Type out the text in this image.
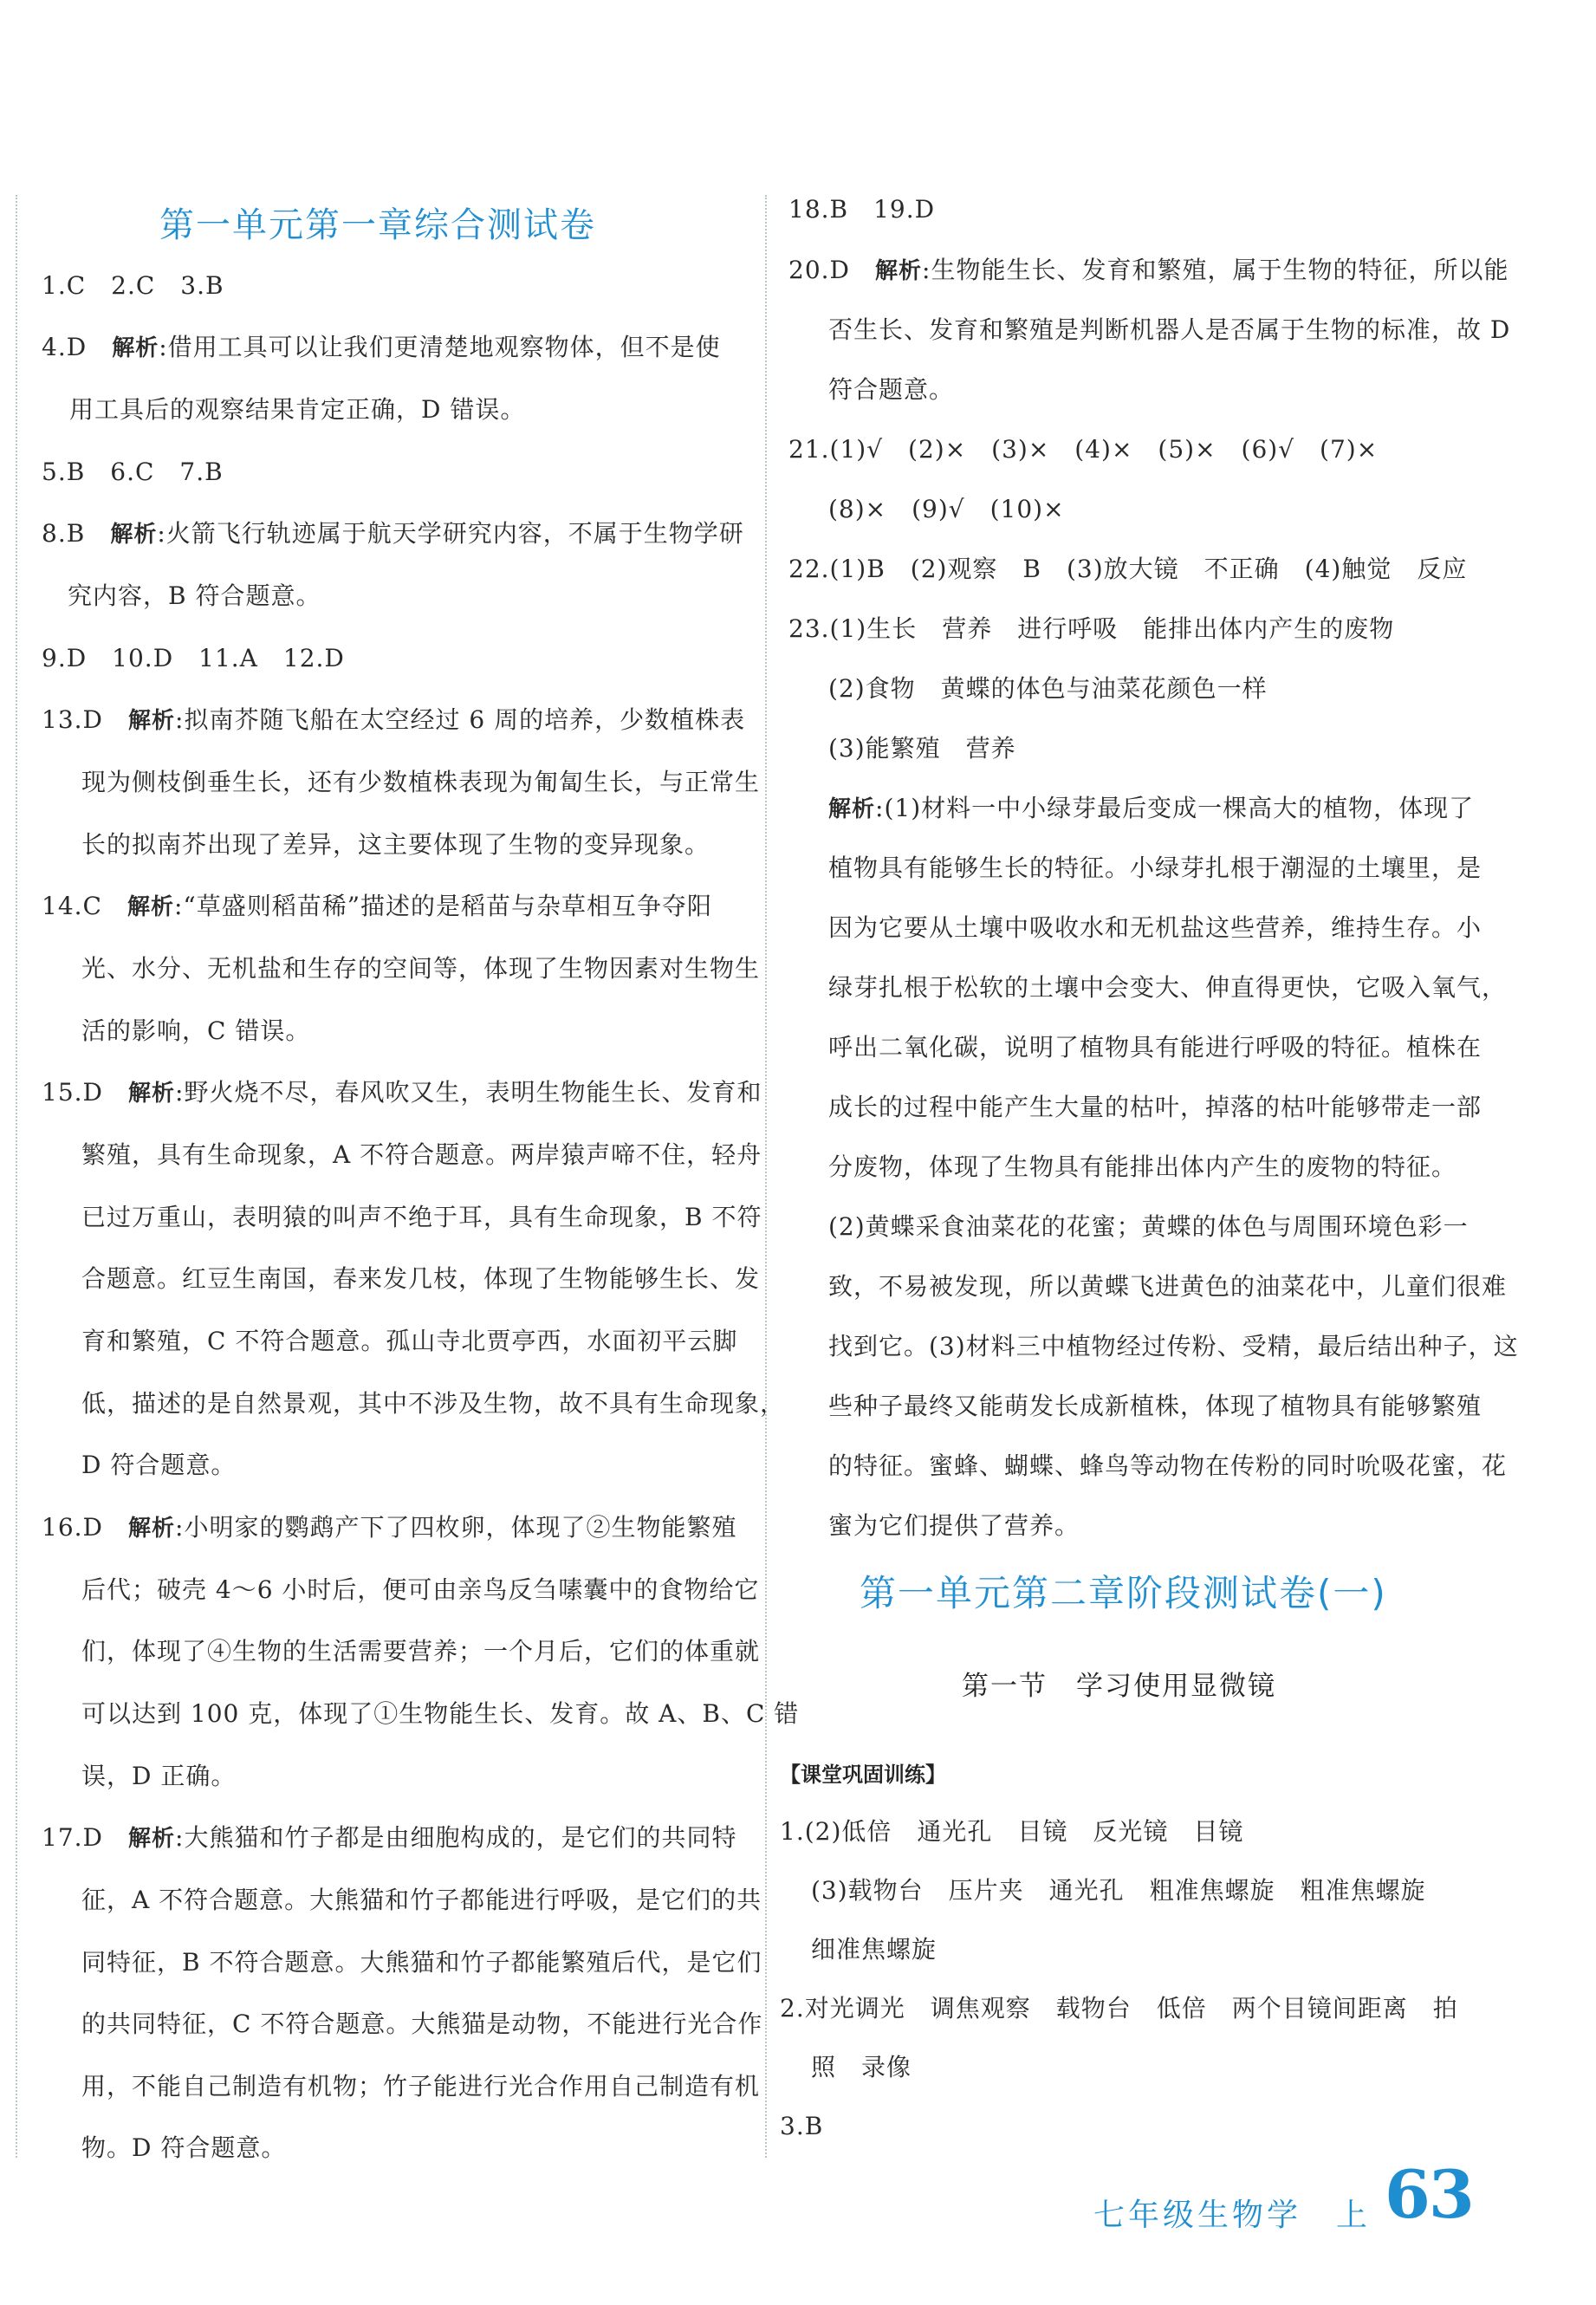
第一单元第一章综合测试卷
1.C　2.C　3.B
4.D　 解析:借用工具可以让我们更清楚地观察物体，但不是使
用工具后的观察结果肯定正确，D 错误。
5.B　6.C　7.B
8.B　 解析:火箭飞行轨迹属于航天学研究内容，不属于生物学研
究内容，B 符合题意。
9.D　10.D　11.A　12.D
13.D　 解析:拟南芥随飞船在太空经过 6 周的培养，少数植株表
现为侧枝倒垂生长，还有少数植株表现为匍匐生长，与正常生
长的拟南芥出现了差异，这主要体现了生物的变异现象。
14.C　 解析:“草盛则稻苗稀”描述的是稻苗与杂草相互争夺阳
光、水分、无机盐和生存的空间等，体现了生物因素对生物生
活的影响，C 错误。
15.D　 解析:野火烧不尽，春风吹又生，表明生物能生长、发育和
繁殖，具有生命现象，A 不符合题意。两岸猿声啼不住，轻舟
已过万重山，表明猿的叫声不绝于耳，具有生命现象，B 不符
合题意。红豆生南国，春来发几枝，体现了生物能够生长、发
育和繁殖，C 不符合题意。孤山寺北贾亭西，水面初平云脚
低，描述的是自然景观，其中不涉及生物，故不具有生命现象，
D 符合题意。
16.D　 解析:小明家的鹦鹉产下了四枚卵，体现了②生物能繁殖
后代；破壳 4～6 小时后，便可由亲鸟反刍嗉囊中的食物给它
们，体现了④生物的生活需要营养；一个月后，它们的体重就
可以达到 100 克，体现了①生物能生长、发育。故 A、B、C 错
误，D 正确。
17.D　 解析:大熊猫和竹子都是由细胞构成的，是它们的共同特
征，A 不符合题意。大熊猫和竹子都能进行呼吸，是它们的共
同特征，B 不符合题意。大熊猫和竹子都能繁殖后代，是它们
的共同特征，C 不符合题意。大熊猫是动物，不能进行光合作
用，不能自己制造有机物；竹子能进行光合作用自己制造有机
物。D 符合题意。
18.B　19.D
20.D　 解析:生物能生长、发育和繁殖，属于生物的特征，所以能
否生长、发育和繁殖是判断机器人是否属于生物的标准，故 D
符合题意。
21.(1)√　(2)×　(3)×　(4)×　(5)×　(6)√　(7)×
(8)×　(9)√　(10)×
22.(1)B　(2)观察　B　(3)放大镜　不正确　(4)触觉　反应
23.(1)生长　营养　进行呼吸　能排出体内产生的废物
(2)食物　黄蝶的体色与油菜花颜色一样
(3)能繁殖　营养
解析:(1)材料一中小绿芽最后变成一棵高大的植物，体现了
植物具有能够生长的特征。小绿芽扎根于潮湿的土壤里，是
因为它要从土壤中吸收水和无机盐这些营养，维持生存。小
绿芽扎根于松软的土壤中会变大、伸直得更快，它吸入氧气，
呼出二氧化碳，说明了植物具有能进行呼吸的特征。植株在
成长的过程中能产生大量的枯叶，掉落的枯叶能够带走一部
分废物，体现了生物具有能排出体内产生的废物的特征。
(2)黄蝶采食油菜花的花蜜；黄蝶的体色与周围环境色彩一
致，不易被发现，所以黄蝶飞进黄色的油菜花中，儿童们很难
找到它。(3)材料三中植物经过传粉、受精，最后结出种子，这
些种子最终又能萌发长成新植株，体现了植物具有能够繁殖
的特征。蜜蜂、蝴蝶、蜂鸟等动物在传粉的同时吮吸花蜜，花
蜜为它们提供了营养。
第一单元第二章阶段测试卷(一)
第一节　学习使用显微镜
【课堂巩固训练】
1.(2)低倍　通光孔　目镜　反光镜　目镜
(3)载物台　压片夹　通光孔　粗准焦螺旋　粗准焦螺旋
细准焦螺旋
2.对光调光　调焦观察　载物台　低倍　两个目镜间距离　拍
照　录像
3.B
七年级生物学　上 63
